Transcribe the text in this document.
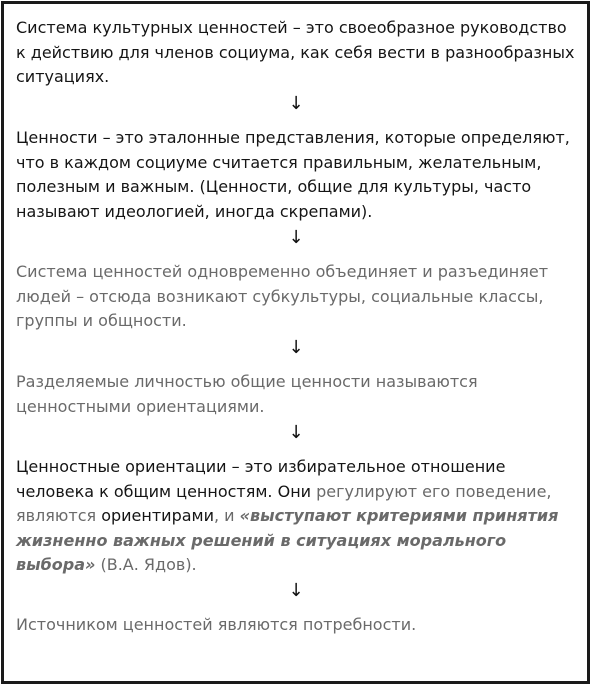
Система культурных ценностей – это своеобразное руководство к действию для членов социума, как себя вести в разнообразных ситуациях.

↓

Ценности – это эталонные представления, которые определяют, что в каждом социуме считается правильным, желательным, полезным и важным. (Ценности, общие для культуры, часто называют идеологией, иногда скрепами).

↓

Система ценностей одновременно объединяет и разъединяет людей – отсюда возникают субкультуры, социальные классы, группы и общности.

↓

Разделяемые личностью общие ценности называются ценностными ориентациями.

↓

Ценностные ориентации – это избирательное отношение человека к общим ценностям. Они регулируют его поведение, являются ориентирами, и «выступают критериями принятия жизненно важных решений в ситуациях морального выбора» (В.А. Ядов).

↓

Источником ценностей являются потребности.
